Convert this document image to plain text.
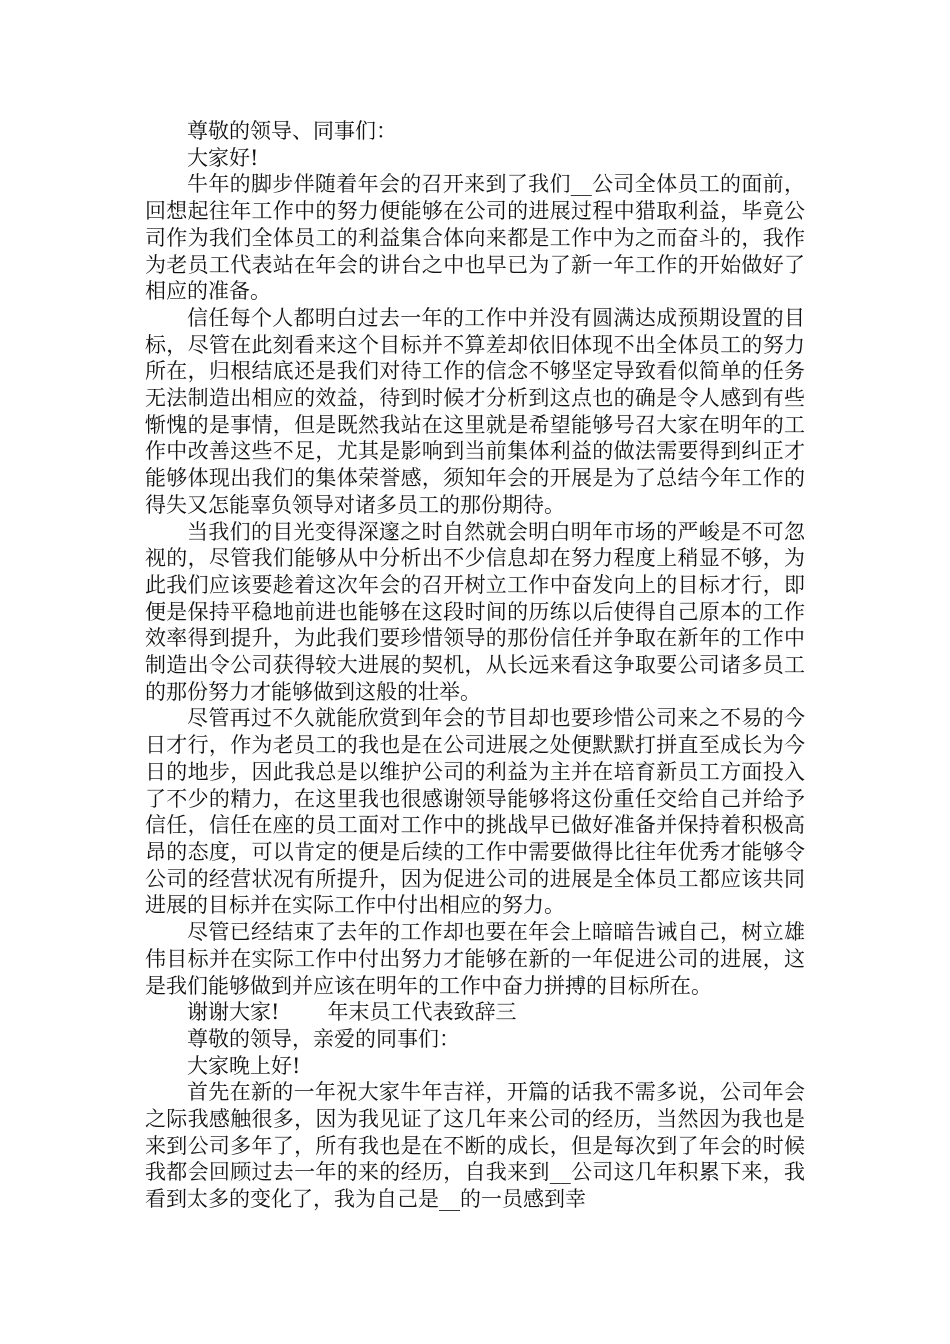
尊敬的领导、同事们：

大家好!

牛年的脚步伴随着年会的召开来到了我们__公司全体员工的面前，回想起往年工作中的努力便能够在公司的进展过程中猎取利益，毕竟公司作为我们全体员工的利益集合体向来都是工作中为之而奋斗的，我作为老员工代表站在年会的讲台之中也早已为了新一年工作的开始做好了相应的准备。

信任每个人都明白过去一年的工作中并没有圆满达成预期设置的目标，尽管在此刻看来这个目标并不算差却依旧体现不出全体员工的努力所在，归根结底还是我们对待工作的信念不够坚定导致看似简单的任务无法制造出相应的效益，待到时候才分析到这点也的确是令人感到有些惭愧的是事情，但是既然我站在这里就是希望能够号召大家在明年的工作中改善这些不足，尤其是影响到当前集体利益的做法需要得到纠正才能够体现出我们的集体荣誉感，须知年会的开展是为了总结今年工作的得失又怎能辜负领导对诸多员工的那份期待。

当我们的目光变得深邃之时自然就会明白明年市场的严峻是不可忽视的，尽管我们能够从中分析出不少信息却在努力程度上稍显不够，为此我们应该要趁着这次年会的召开树立工作中奋发向上的目标才行，即便是保持平稳地前进也能够在这段时间的历练以后使得自己原本的工作效率得到提升，为此我们要珍惜领导的那份信任并争取在新年的工作中制造出令公司获得较大进展的契机，从长远来看这争取要公司诸多员工的那份努力才能够做到这般的壮举。

尽管再过不久就能欣赏到年会的节目却也要珍惜公司来之不易的今日才行，作为老员工的我也是在公司进展之处便默默打拼直至成长为今日的地步，因此我总是以维护公司的利益为主并在培育新员工方面投入了不少的精力，在这里我也很感谢领导能够将这份重任交给自己并给予信任，信任在座的员工面对工作中的挑战早已做好准备并保持着积极高昂的态度，可以肯定的便是后续的工作中需要做得比往年优秀才能够令公司的经营状况有所提升，因为促进公司的进展是全体员工都应该共同进展的目标并在实际工作中付出相应的努力。

尽管已经结束了去年的工作却也要在年会上暗暗告诫自己，树立雄伟目标并在实际工作中付出努力才能够在新的一年促进公司的进展，这是我们能够做到并应该在明年的工作中奋力拼搏的目标所在。

谢谢大家! 年末员工代表致辞三

尊敬的领导，亲爱的同事们：

大家晚上好!

首先在新的一年祝大家牛年吉祥，开篇的话我不需多说，公司年会之际我感触很多，因为我见证了这几年来公司的经历，当然因为我也是来到公司多年了，所有我也是在不断的成长，但是每次到了年会的时候我都会回顾过去一年的来的经历，自我来到__公司这几年积累下来，我看到太多的变化了，我为自己是__的一员感到幸
